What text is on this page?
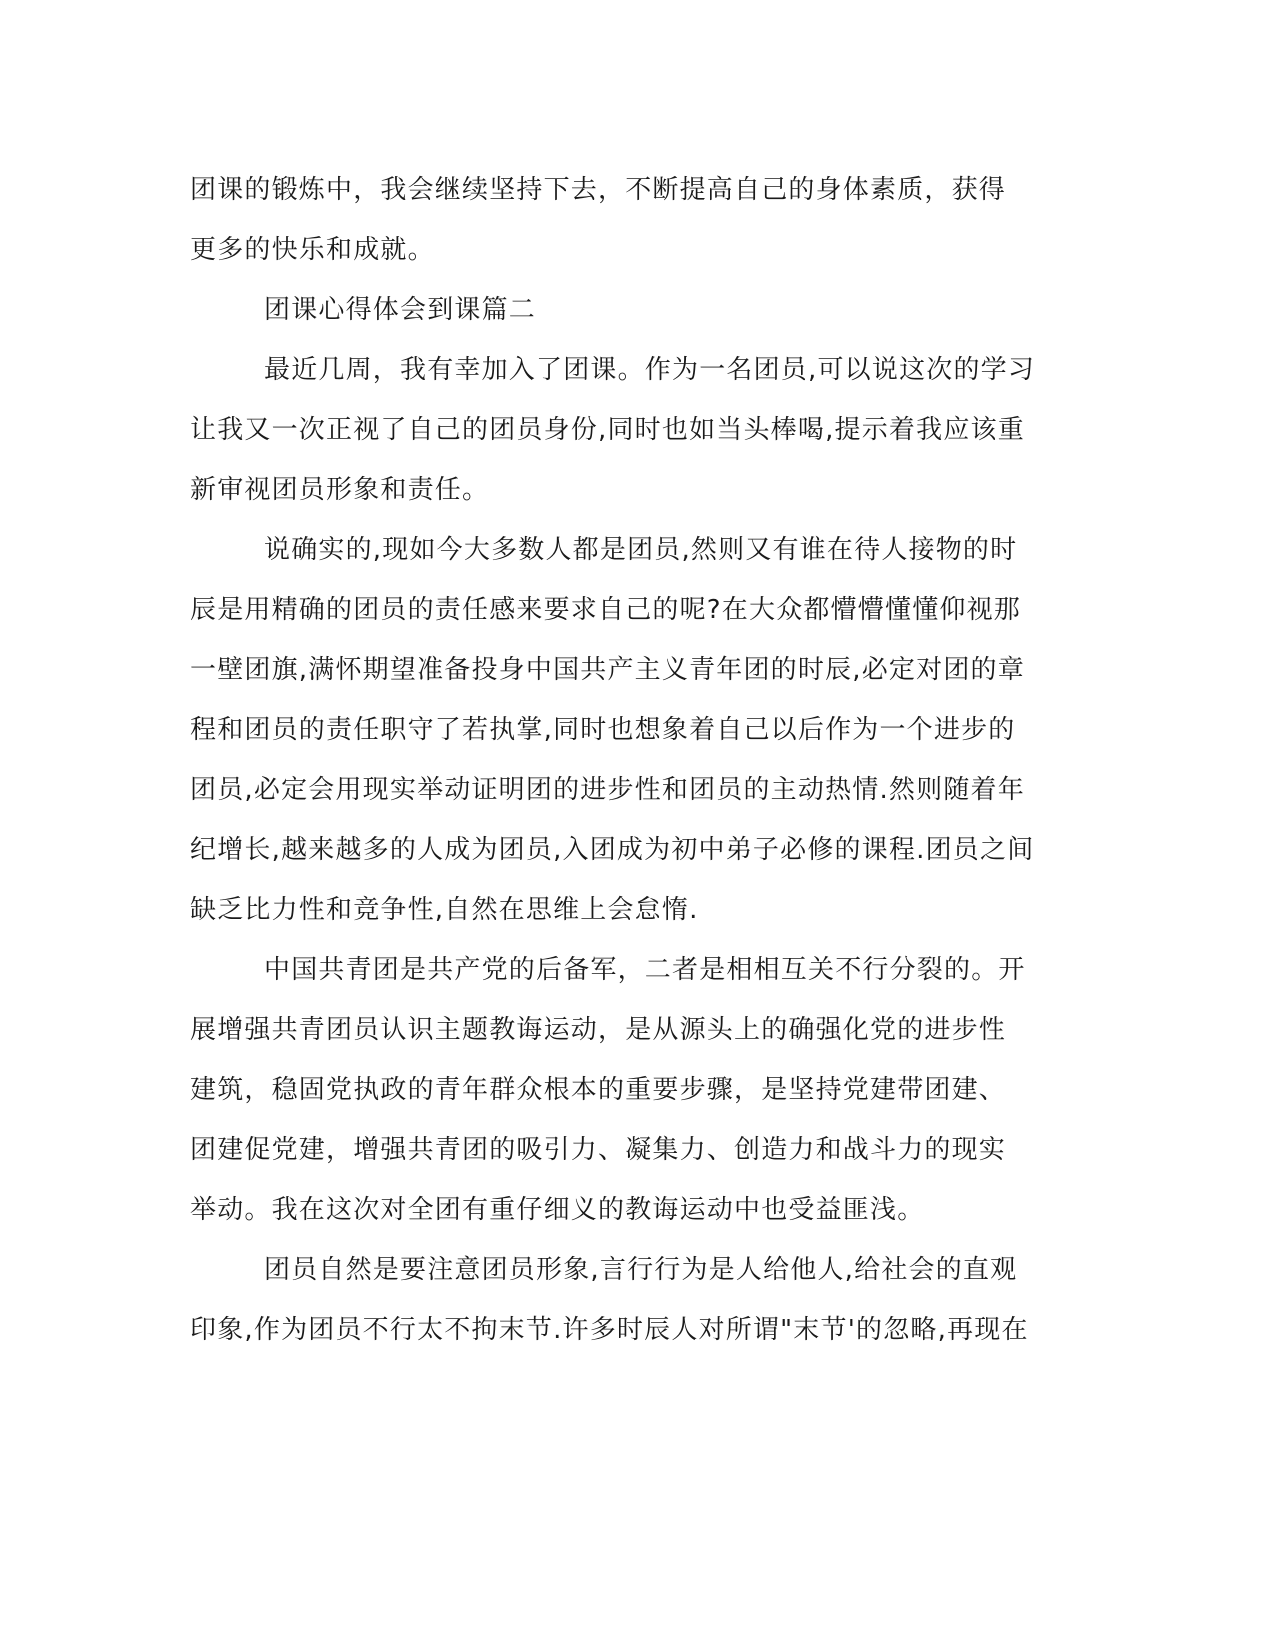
团课的锻炼中，我会继续坚持下去，不断提高自己的身体素质，获得
更多的快乐和成就。
团课心得体会到课篇二
最近几周，我有幸加入了团课。作为一名团员,可以说这次的学习
让我又一次正视了自己的团员身份,同时也如当头棒喝,提示着我应该重
新审视团员形象和责任。
说确实的,现如今大多数人都是团员,然则又有谁在待人接物的时
辰是用精确的团员的责任感来要求自己的呢?在大众都懵懵懂懂仰视那
一壁团旗,满怀期望准备投身中国共产主义青年团的时辰,必定对团的章
程和团员的责任职守了若执掌,同时也想象着自己以后作为一个进步的
团员,必定会用现实举动证明团的进步性和团员的主动热情.然则随着年
纪增长,越来越多的人成为团员,入团成为初中弟子必修的课程.团员之间
缺乏比力性和竞争性,自然在思维上会怠惰.
中国共青团是共产党的后备军，二者是相相互关不行分裂的。开
展增强共青团员认识主题教诲运动，是从源头上的确强化党的进步性
建筑，稳固党执政的青年群众根本的重要步骤，是坚持党建带团建、
团建促党建，增强共青团的吸引力、凝集力、创造力和战斗力的现实
举动。我在这次对全团有重仔细义的教诲运动中也受益匪浅。
团员自然是要注意团员形象,言行行为是人给他人,给社会的直观
印象,作为团员不行太不拘末节.许多时辰人对所谓"末节'的忽略,再现在
